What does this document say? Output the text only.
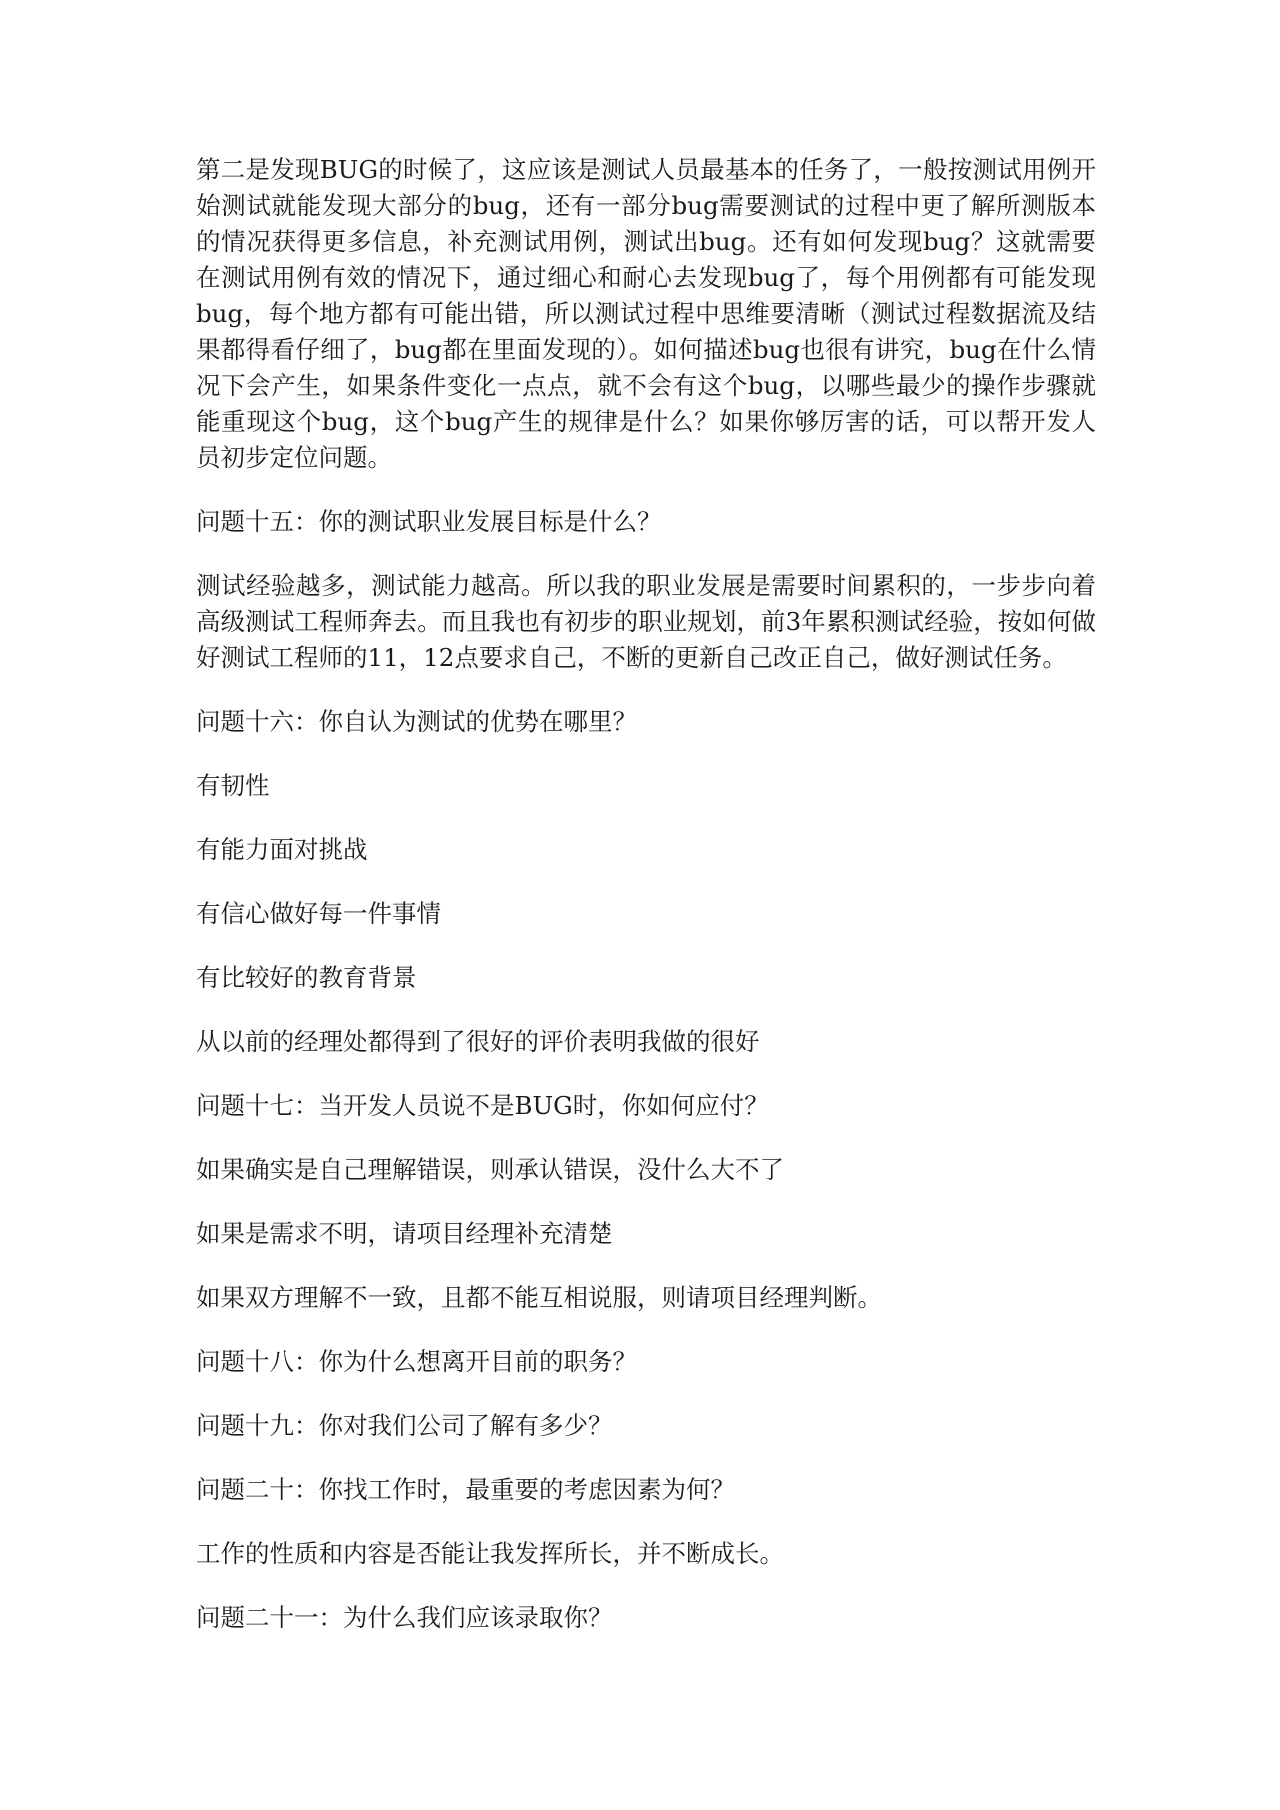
第二是发现BUG的时候了，这应该是测试人员最基本的任务了，一般按测试用例开始测试就能发现大部分的bug，还有一部分bug需要测试的过程中更了解所测版本的情况获得更多信息，补充测试用例，测试出bug。还有如何发现bug？这就需要在测试用例有效的情况下，通过细心和耐心去发现bug了，每个用例都有可能发现bug，每个地方都有可能出错，所以测试过程中思维要清晰（测试过程数据流及结果都得看仔细了，bug都在里面发现的）。如何描述bug也很有讲究，bug在什么情况下会产生，如果条件变化一点点，就不会有这个bug，以哪些最少的操作步骤就能重现这个bug，这个bug产生的规律是什么？如果你够厉害的话，可以帮开发人员初步定位问题。

问题十五：你的测试职业发展目标是什么？

测试经验越多，测试能力越高。所以我的职业发展是需要时间累积的，一步步向着高级测试工程师奔去。而且我也有初步的职业规划，前3年累积测试经验，按如何做好测试工程师的11，12点要求自己，不断的更新自己改正自己，做好测试任务。

问题十六：你自认为测试的优势在哪里？

有韧性

有能力面对挑战

有信心做好每一件事情

有比较好的教育背景

从以前的经理处都得到了很好的评价表明我做的很好

问题十七：当开发人员说不是BUG时，你如何应付？

如果确实是自己理解错误，则承认错误，没什么大不了

如果是需求不明，请项目经理补充清楚

如果双方理解不一致，且都不能互相说服，则请项目经理判断。

问题十八：你为什么想离开目前的职务？

问题十九：你对我们公司了解有多少？

问题二十：你找工作时，最重要的考虑因素为何？

工作的性质和内容是否能让我发挥所长，并不断成长。

问题二十一：为什么我们应该录取你？
